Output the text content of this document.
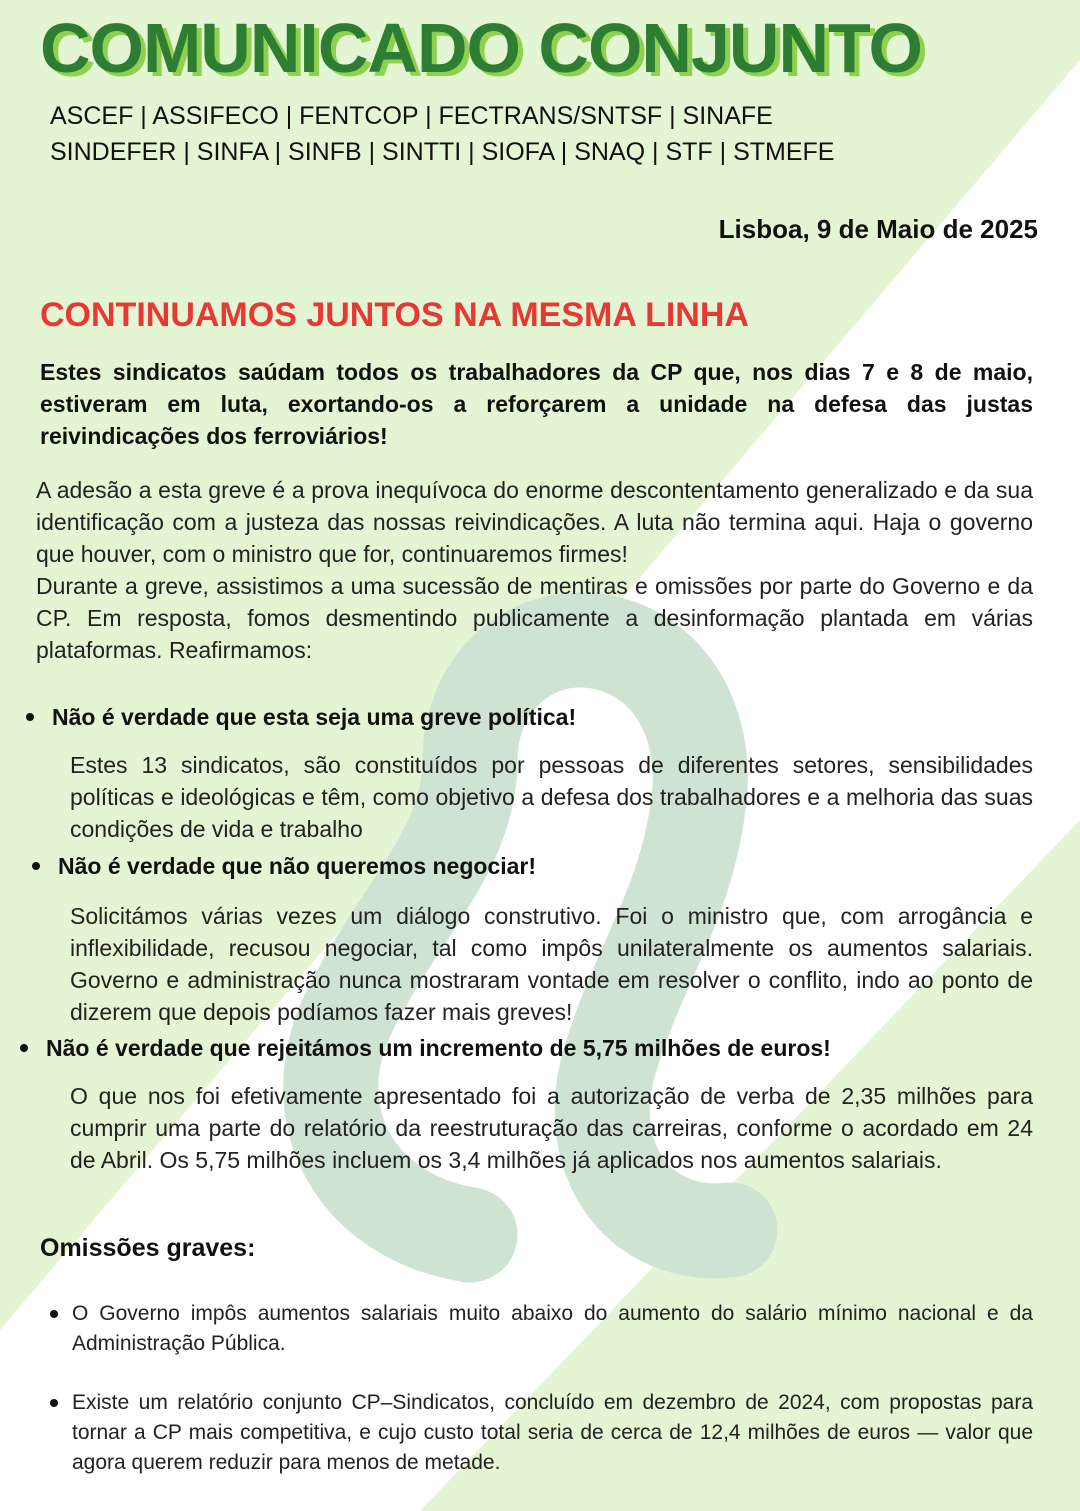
COMUNICADO CONJUNTO
ASCEF | ASSIFECO | FENTCOP | FECTRANS/SNTSF | SINAFE
SINDEFER | SINFA | SINFB | SINTTI | SIOFA | SNAQ | STF | STMEFE
Lisboa, 9 de Maio de 2025
CONTINUAMOS JUNTOS NA MESMA LINHA
Estes sindicatos saúdam todos os trabalhadores da CP que, nos dias 7 e 8 de maio, estiveram em luta, exortando-os a reforçarem a unidade na defesa das justas reivindicações dos ferroviários!
A adesão a esta greve é a prova inequívoca do enorme descontentamento generalizado e da sua identificação com a justeza das nossas reivindicações. A luta não termina aqui. Haja o governo que houver, com o ministro que for, continuaremos firmes!
Durante a greve, assistimos a uma sucessão de mentiras e omissões por parte do Governo e da CP. Em resposta, fomos desmentindo publicamente a desinformação plantada em várias plataformas. Reafirmamos:
Não é verdade que esta seja uma greve política!
Estes 13 sindicatos, são constituídos por pessoas de diferentes setores, sensibilidades políticas e ideológicas e têm, como objetivo a defesa dos trabalhadores e a melhoria das suas condições de vida e trabalho
Não é verdade que não queremos negociar!
Solicitámos várias vezes um diálogo construtivo. Foi o ministro que, com arrogância e inflexibilidade, recusou negociar, tal como impôs unilateralmente os aumentos salariais. Governo e administração nunca mostraram vontade em resolver o conflito, indo ao ponto de dizerem que depois podíamos fazer mais greves!
Não é verdade que rejeitámos um incremento de 5,75 milhões de euros!
O que nos foi efetivamente apresentado foi a autorização de verba de 2,35 milhões para cumprir uma parte do relatório da reestruturação das carreiras, conforme o acordado em 24 de Abril. Os 5,75 milhões incluem os 3,4 milhões já aplicados nos aumentos salariais.
Omissões graves:
O Governo impôs aumentos salariais muito abaixo do aumento do salário mínimo nacional e da Administração Pública.
Existe um relatório conjunto CP–Sindicatos, concluído em dezembro de 2024, com propostas para tornar a CP mais competitiva, e cujo custo total seria de cerca de 12,4 milhões de euros — valor que agora querem reduzir para menos de metade.
